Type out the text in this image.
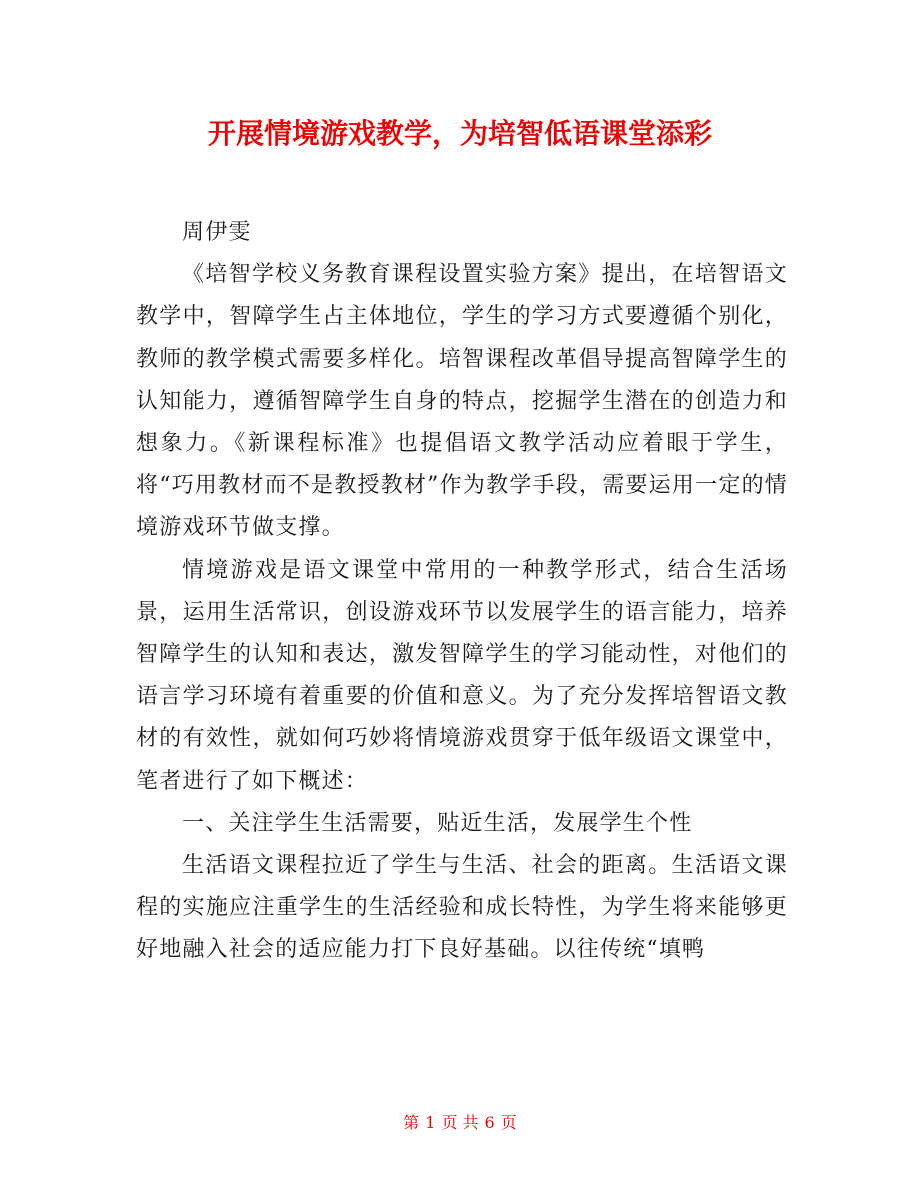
开展情境游戏教学，为培智低语课堂添彩

周伊雯

《培智学校义务教育课程设置实验方案》提出，在培智语文教学中，智障学生占主体地位，学生的学习方式要遵循个别化，教师的教学模式需要多样化。培智课程改革倡导提高智障学生的认知能力，遵循智障学生自身的特点，挖掘学生潜在的创造力和想象力。《新课程标准》也提倡语文教学活动应着眼于学生，将“巧用教材而不是教授教材”作为教学手段，需要运用一定的情境游戏环节做支撑。

情境游戏是语文课堂中常用的一种教学形式，结合生活场景，运用生活常识，创设游戏环节以发展学生的语言能力，培养智障学生的认知和表达，激发智障学生的学习能动性，对他们的语言学习环境有着重要的价值和意义。为了充分发挥培智语文教材的有效性，就如何巧妙将情境游戏贯穿于低年级语文课堂中，笔者进行了如下概述：

一、关注学生生活需要，贴近生活，发展学生个性

生活语文课程拉近了学生与生活、社会的距离。生活语文课程的实施应注重学生的生活经验和成长特性，为学生将来能够更好地融入社会的适应能力打下良好基础。以往传统“填鸭

第 1 页 共 6 页
